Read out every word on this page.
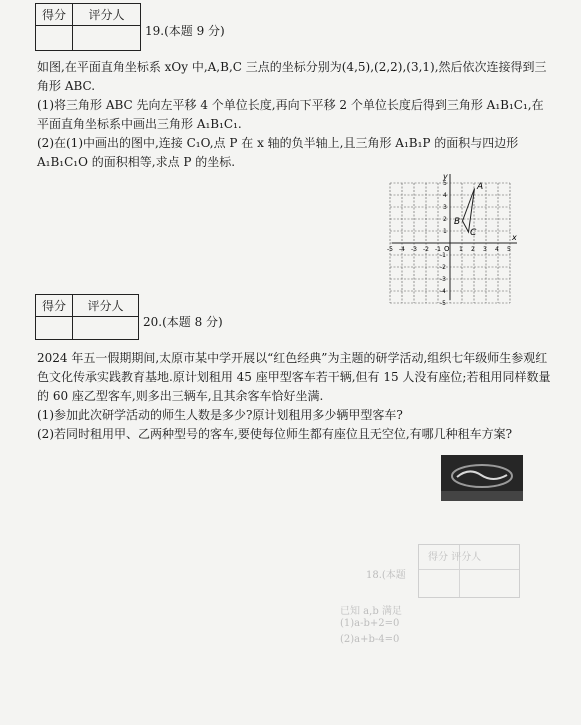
得分	评分人

19.(本题 9 分)

如图,在平面直角坐标系 xOy 中,A,B,C 三点的坐标分别为(4,5),(2,2),(3,1),然后依次连接得到三角形 ABC.

(1)将三角形 ABC 先向左平移 4 个单位长度,再向下平移 2 个单位长度后得到三角形 A₁B₁C₁,在平面直角坐标系中画出三角形 A₁B₁C₁.

(2)在(1)中画出的图中,连接 C₁O,点 P 在 x 轴的负半轴上,且三角形 A₁B₁P 的面积与四边形 A₁B₁C₁O 的面积相等,求点 P 的坐标.

-5 -4 -3 -2 -1	1 2 3 4 5
5
4
3
2
1
-1
-2
-3
-4
-5
x
y
O
A
B
C
得分	评分人

20.(本题 8 分)

2024 年五一假期期间,太原市某中学开展以“红色经典”为主题的研学活动,组织七年级师生参观红色文化传承实践教育基地.原计划租用 45 座甲型客车若干辆,但有 15 人没有座位;若租用同样数量的 60 座乙型客车,则多出三辆车,且其余客车恰好坐满.

(1)参加此次研学活动的师生人数是多少?原计划租用多少辆甲型客车?

(2)若同时租用甲、乙两种型号的客车,要使每位师生都有座位且无空位,有哪几种租车方案?

得分 评分人
18.(本题
已知 a,b 满足
(1)a-b+2=0
(2)a+b-4=0
